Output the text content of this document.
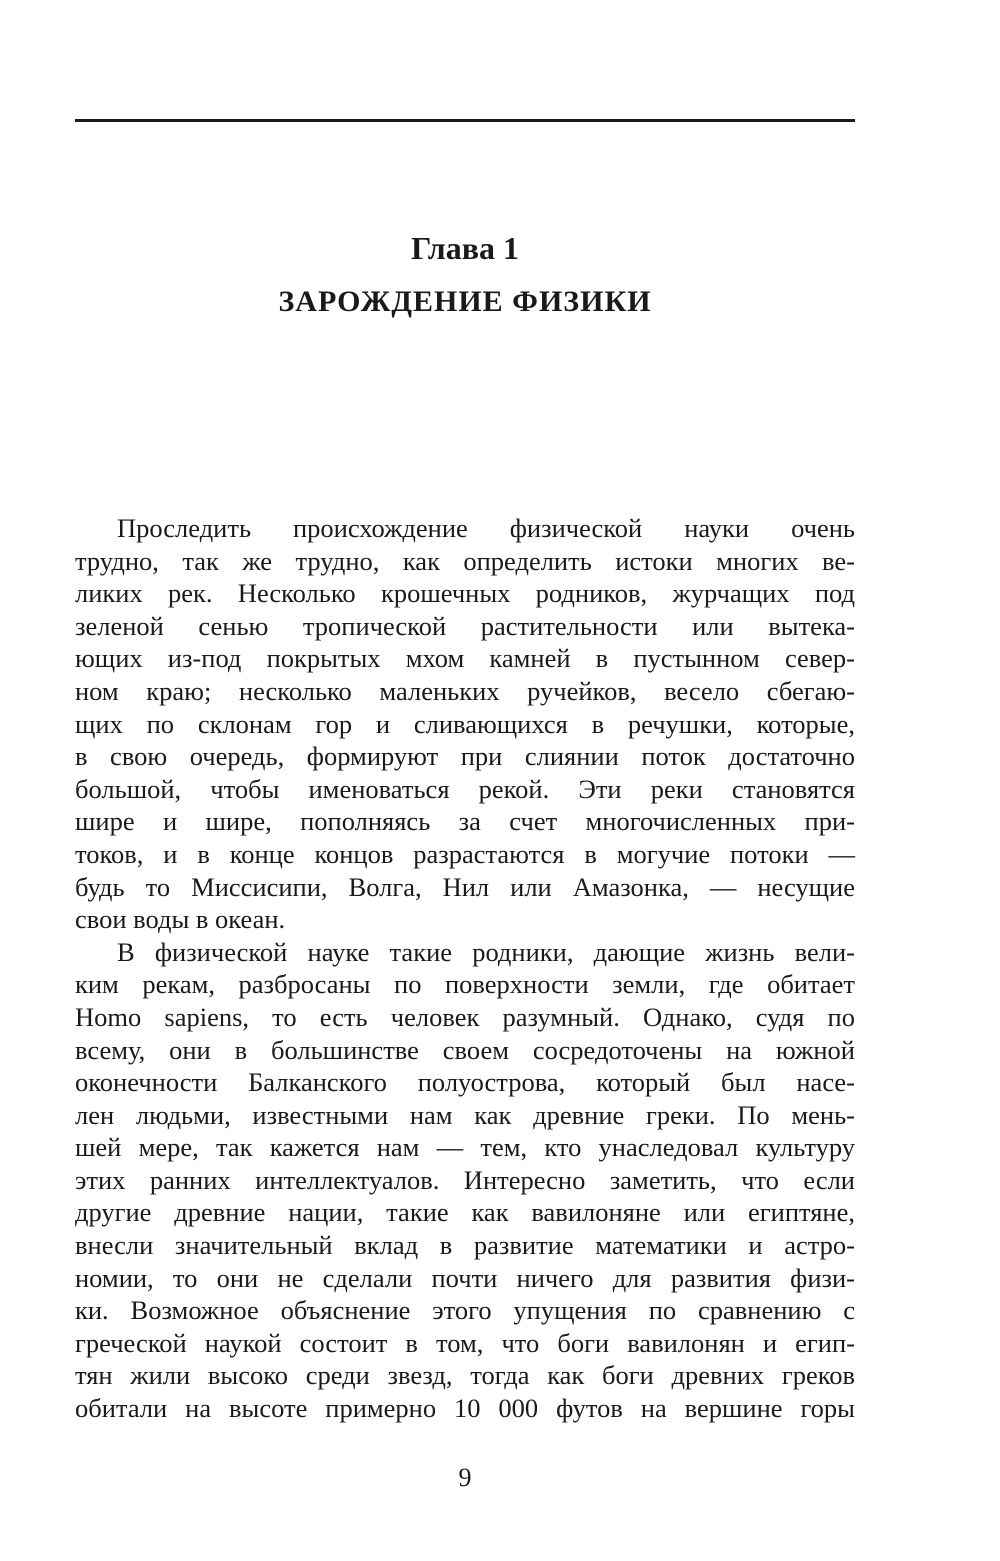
Глава 1
ЗАРОЖДЕНИЕ ФИЗИКИ
Проследить происхождение физической науки очень
трудно, так же трудно, как определить истоки многих ве-
ликих рек. Несколько крошечных родников, журчащих под
зеленой сенью тропической растительности или вытека-
ющих из-под покрытых мхом камней в пустынном север-
ном краю; несколько маленьких ручейков, весело сбегаю-
щих по склонам гор и сливающихся в речушки, которые,
в свою очередь, формируют при слиянии поток достаточно
большой, чтобы именоваться рекой. Эти реки становятся
шире и шире, пополняясь за счет многочисленных при-
токов, и в конце концов разрастаются в могучие потоки —
будь то Миссисипи, Волга, Нил или Амазонка, — несущие
свои воды в океан.
В физической науке такие родники, дающие жизнь вели-
ким рекам, разбросаны по поверхности земли, где обитает
Homo sapiens, то есть человек разумный. Однако, судя по
всему, они в большинстве своем сосредоточены на южной
оконечности Балканского полуострова, который был насе-
лен людьми, известными нам как древние греки. По мень-
шей мере, так кажется нам — тем, кто унаследовал культуру
этих ранних интеллектуалов. Интересно заметить, что если
другие древние нации, такие как вавилоняне или египтяне,
внесли значительный вклад в развитие математики и астро-
номии, то они не сделали почти ничего для развития физи-
ки. Возможное объяснение этого упущения по сравнению с
греческой наукой состоит в том, что боги вавилонян и егип-
тян жили высоко среди звезд, тогда как боги древних греков
обитали на высоте примерно 10 000 футов на вершине горы
9
